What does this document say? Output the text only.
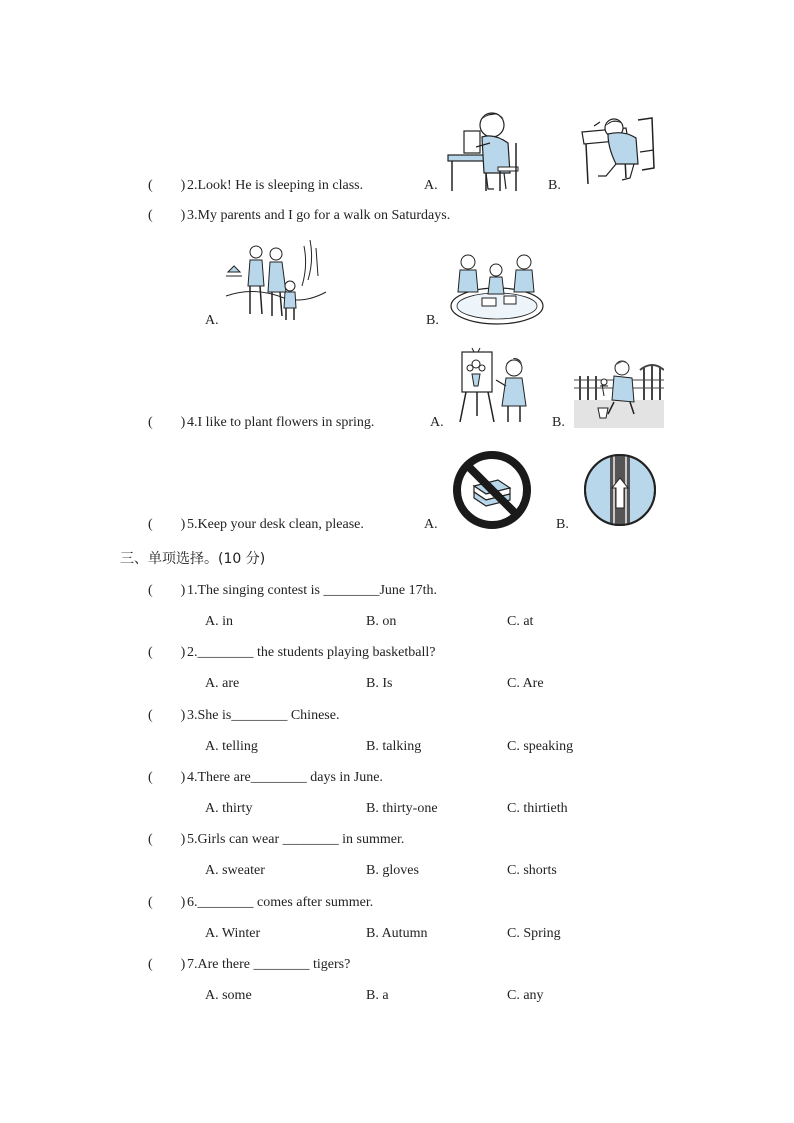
(　　) 2.Look! He is sleeping in class.	A.	B.
(　　) 3.My parents and I go for a walk on Saturdays.
A.	B.
(　　) 4.I like to plant flowers in spring.	A.	B.
(　　) 5.Keep your desk clean, please.	A.	B.
三、单项选择。(10 分)
(　　) 1.The singing contest is ________June 17th.
A. in	B. on	C. at
(　　) 2.________ the students playing basketball?
A. are	B. Is	C. Are
(　　) 3.She is________ Chinese.
A. telling	B. talking	C. speaking
(　　) 4.There are________ days in June.
A. thirty	B. thirty-one	C. thirtieth
(　　) 5.Girls can wear ________ in summer.
A. sweater	B. gloves	C. shorts
(　　) 6.________ comes after summer.
A. Winter	B. Autumn	C. Spring
(　　) 7.Are there ________ tigers?
A. some	B. a	C. any
